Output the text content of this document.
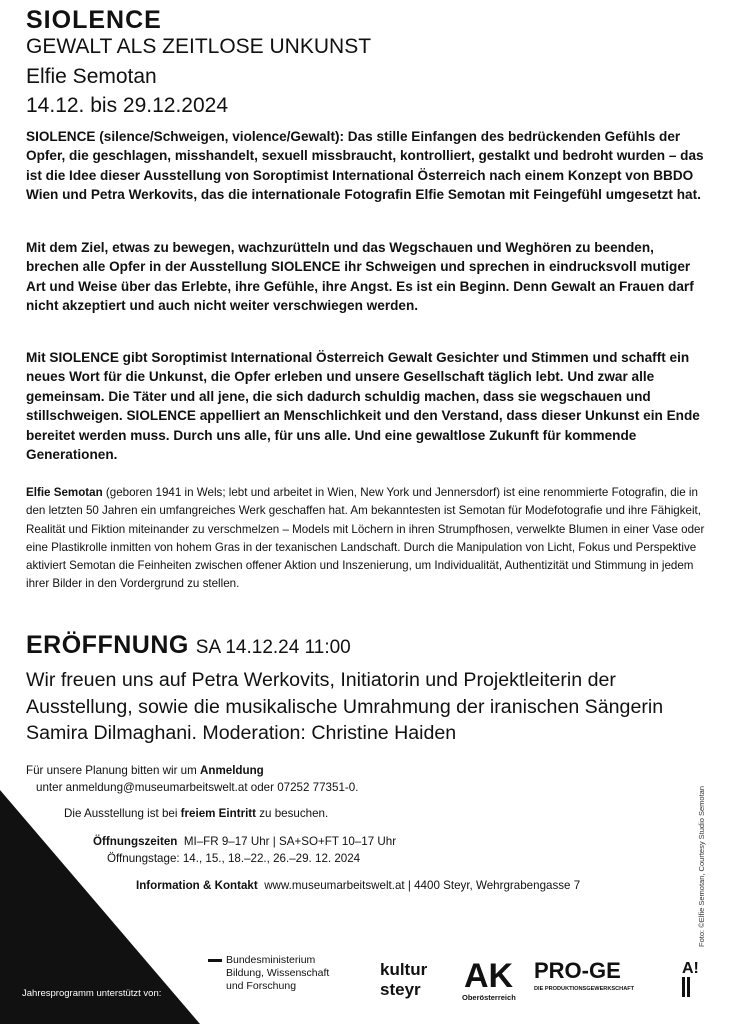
SIOLENCE
GEWALT ALS ZEITLOSE UNKUNST
Elfie Semotan
14.12. bis 29.12.2024

SIOLENCE (silence/Schweigen, violence/Gewalt): Das stille Einfangen des bedrückenden Gefühls der Opfer, die geschlagen, misshandelt, sexuell missbraucht, kontrolliert, gestalkt und bedroht wurden – das ist die Idee dieser Ausstellung von Soroptimist International Österreich nach einem Konzept von BBDO Wien und Petra Werkovits, das die internationale Fotografin Elfie Semotan mit Feingefühl umgesetzt hat.

Mit dem Ziel, etwas zu bewegen, wachzurütteln und das Wegschauen und Weghören zu beenden, brechen alle Opfer in der Ausstellung SIOLENCE ihr Schweigen und sprechen in eindrucksvoll mutiger Art und Weise über das Erlebte, ihre Gefühle, ihre Angst. Es ist ein Beginn. Denn Gewalt an Frauen darf nicht akzeptiert und auch nicht weiter verschwiegen werden.

Mit SIOLENCE gibt Soroptimist International Österreich Gewalt Gesichter und Stimmen und schafft ein neues Wort für die Unkunst, die Opfer erleben und unsere Gesellschaft täglich lebt. Und zwar alle gemeinsam. Die Täter und all jene, die sich dadurch schuldig machen, dass sie wegschauen und stillschweigen. SIOLENCE appelliert an Menschlichkeit und den Verstand, dass dieser Unkunst ein Ende bereitet werden muss. Durch uns alle, für uns alle. Und eine gewaltlose Zukunft für kommende Generationen.

Elfie Semotan (geboren 1941 in Wels; lebt und arbeitet in Wien, New York und Jennersdorf) ist eine renommierte Fotografin, die in den letzten 50 Jahren ein umfangreiches Werk geschaffen hat. Am bekanntesten ist Semotan für Modefotografie und ihre Fähigkeit, Realität und Fiktion miteinander zu verschmelzen – Models mit Löchern in ihren Strumpfhosen, verwelkte Blumen in einer Vase oder eine Plastikrolle inmitten von hohem Gras in der texanischen Landschaft. Durch die Manipulation von Licht, Fokus und Perspektive aktiviert Semotan die Feinheiten zwischen offener Aktion und Inszenierung, um Individualität, Authentizität und Stimmung in jedem ihrer Bilder in den Vordergrund zu stellen.

ERÖFFNUNG SA 14.12.24 11:00
Wir freuen uns auf Petra Werkovits, Initiatorin und Projektleiterin der Ausstellung, sowie die musikalische Umrahmung der iranischen Sängerin Samira Dilmaghani. Moderation: Christine Haiden
Für unsere Planung bitten wir um Anmeldung
unter anmeldung@museumarbeitswelt.at oder 07252 77351-0.
Die Ausstellung ist bei freiem Eintritt zu besuchen.
Öffnungszeiten MI–FR 9–17 Uhr | SA+SO+FT 10–17 Uhr
Öffnungstage: 14., 15., 18.–22., 26.–29. 12. 2024
Information & Kontakt www.museumarbeitswelt.at | 4400 Steyr, Wehrgrabengasse 7
Jahresprogramm unterstützt von:
Foto: ©Elfie Semotan, Courtesy Studio Semotan
Bundesministerium
Bildung, Wissenschaft
und Forschung
kultur
steyr AK
Oberösterreich
PRO-GE
DIE PRODUKTIONSGEWERKSCHAFT
A!
